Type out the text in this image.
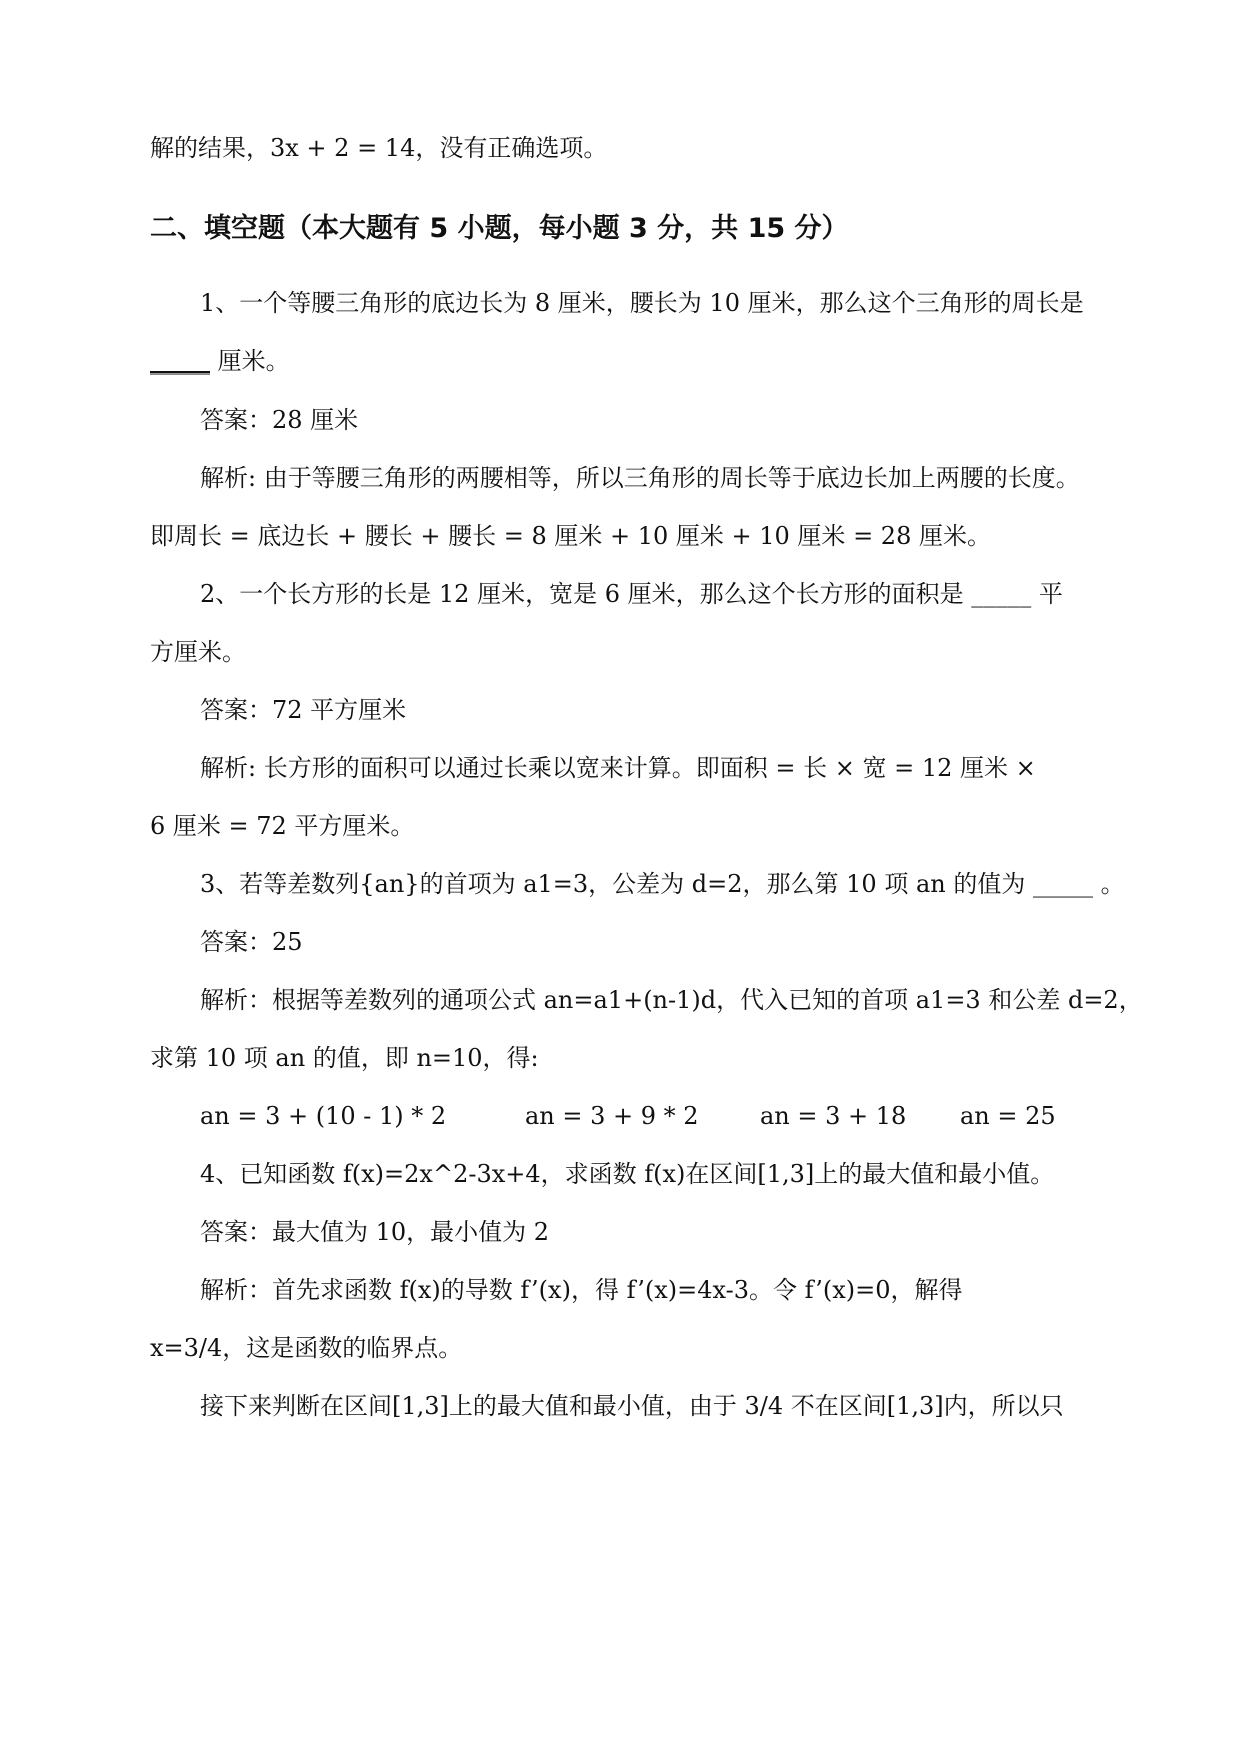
解的结果，3x + 2 = 14，没有正确选项。
二、填空题（本大题有 5 小题，每小题 3 分，共 15 分）
1、一个等腰三角形的底边长为 8 厘米，腰长为 10 厘米，那么这个三角形的周长是
_____ 厘米。
答案：28 厘米
解析: 由于等腰三角形的两腰相等，所以三角形的周长等于底边长加上两腰的长度。
即周长 = 底边长 + 腰长 + 腰长 = 8 厘米 + 10 厘米 + 10 厘米 = 28 厘米。
2、一个长方形的长是 12 厘米，宽是 6 厘米，那么这个长方形的面积是 _____ 平
方厘米。
答案：72 平方厘米
解析: 长方形的面积可以通过长乘以宽来计算。即面积 = 长 × 宽 = 12 厘米 ×
6 厘米 = 72 平方厘米。
3、若等差数列{an}的首项为 a1=3，公差为 d=2，那么第 10 项 an 的值为 _____ 。
答案：25
解析：根据等差数列的通项公式 an=a1+(n-1)d，代入已知的首项 a1=3 和公差 d=2，
求第 10 项 an 的值，即 n=10，得:
an = 3 + (10 - 1) * 2	an = 3 + 9 * 2	an = 3 + 18 an = 25
4、已知函数 f(x)=2x^2-3x+4，求函数 f(x)在区间[1,3]上的最大值和最小值。
答案：最大值为 10，最小值为 2
解析：首先求函数 f(x)的导数 f’(x)，得 f’(x)=4x-3。令 f’(x)=0，解得
x=3/4，这是函数的临界点。
接下来判断在区间[1,3]上的最大值和最小值，由于 3/4 不在区间[1,3]内，所以只
